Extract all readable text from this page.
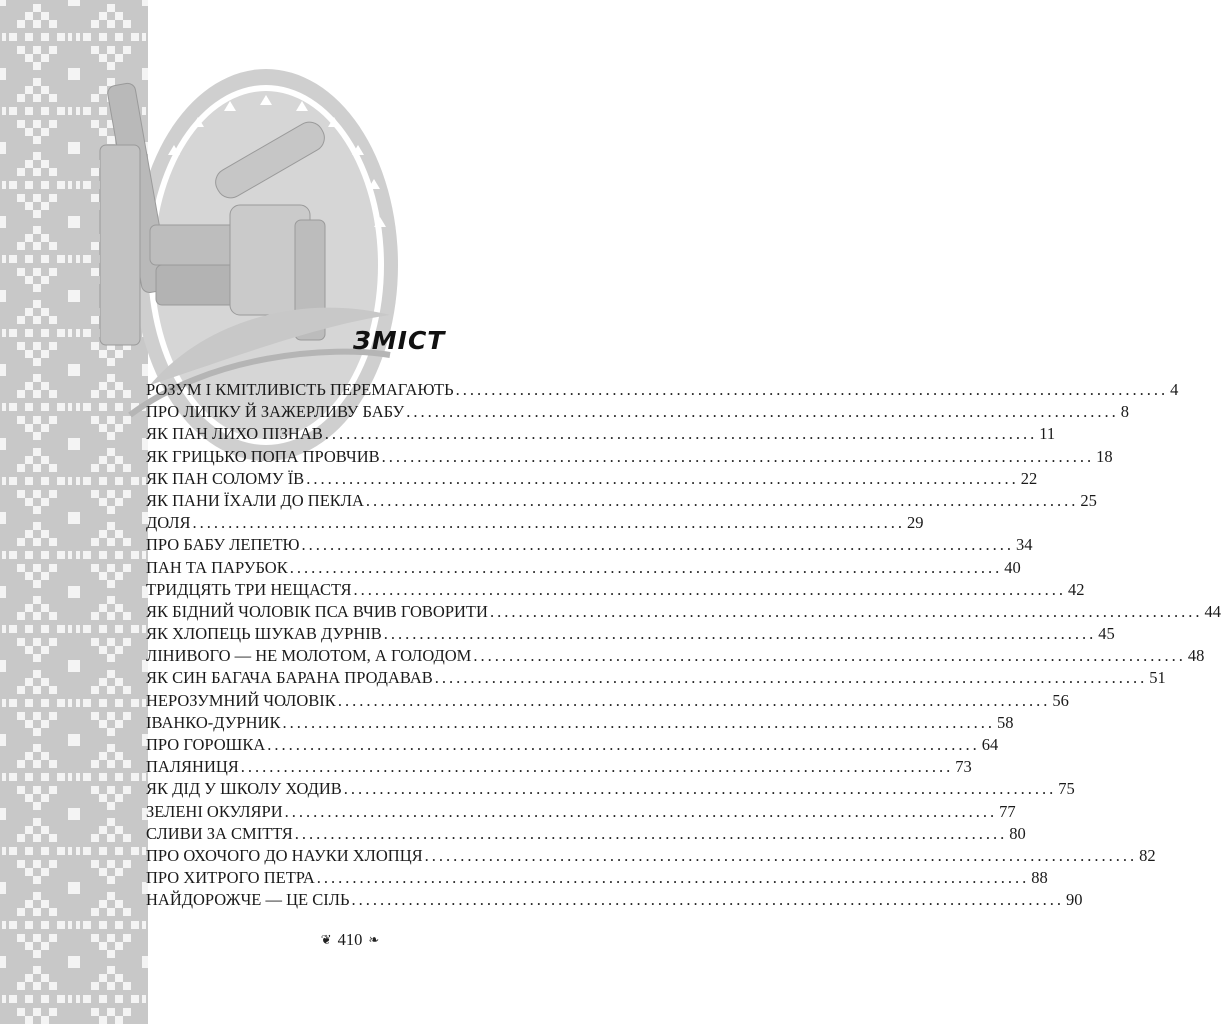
ЗМІСТ
РОЗУМ І КМІТЛИВІСТЬ ПЕРЕМАГАЮТЬ .................................................................................................... 4
ПРО ЛИПКУ Й ЗАЖЕРЛИВУ БАБУ .................................................................................................... 8
ЯК ПАН ЛИХО ПІЗНАВ .................................................................................................... 11
ЯК ГРИЦЬКО ПОПА ПРОВЧИВ .................................................................................................... 18
ЯК ПАН СОЛОМУ ЇВ .................................................................................................... 22
ЯК ПАНИ ЇХАЛИ ДО ПЕКЛА .................................................................................................... 25
ДОЛЯ .................................................................................................... 29
ПРО БАБУ ЛЕПЕТЮ .................................................................................................... 34
ПАН ТА ПАРУБОК .................................................................................................... 40
ТРИДЦЯТЬ ТРИ НЕЩАСТЯ .................................................................................................... 42
ЯК БІДНИЙ ЧОЛОВІК ПСА ВЧИВ ГОВОРИТИ .................................................................................................... 44
ЯК ХЛОПЕЦЬ ШУКАВ ДУРНІВ .................................................................................................... 45
ЛІНИВОГО — НЕ МОЛОТОМ, А ГОЛОДОМ .................................................................................................... 48
ЯК СИН БАГАЧА БАРАНА ПРОДАВАВ .................................................................................................... 51
НЕРОЗУМНИЙ ЧОЛОВІК .................................................................................................... 56
ІВАНКО-ДУРНИК .................................................................................................... 58
ПРО ГОРОШКА .................................................................................................... 64
ПАЛЯНИЦЯ .................................................................................................... 73
ЯК ДІД У ШКОЛУ ХОДИВ .................................................................................................... 75
ЗЕЛЕНІ ОКУЛЯРИ .................................................................................................... 77
СЛИВИ ЗА СМІТТЯ .................................................................................................... 80
ПРО ОХОЧОГО ДО НАУКИ ХЛОПЦЯ .................................................................................................... 82
ПРО ХИТРОГО ПЕТРА .................................................................................................... 88
НАЙДОРОЖЧЕ — ЦЕ СІЛЬ .................................................................................................... 90
❦ 410 ❧
